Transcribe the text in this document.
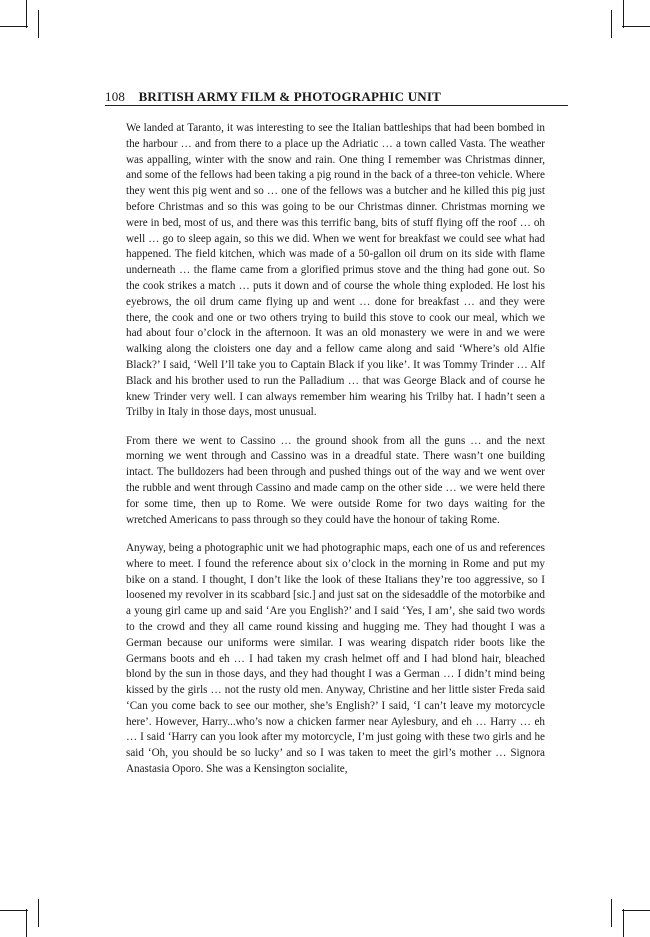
108 BRITISH ARMY FILM & PHOTOGRAPHIC UNIT

We landed at Taranto, it was interesting to see the Italian battleships that had been bombed in the harbour … and from there to a place up the Adriatic … a town called Vasta. The weather was appalling, winter with the snow and rain. One thing I remember was Christmas dinner, and some of the fellows had been taking a pig round in the back of a three-ton vehicle. Where they went this pig went and so … one of the fellows was a butcher and he killed this pig just before Christmas and so this was going to be our Christmas dinner. Christmas morning we were in bed, most of us, and there was this terrific bang, bits of stuff flying off the roof … oh well … go to sleep again, so this we did. When we went for breakfast we could see what had happened. The field kitchen, which was made of a 50-gallon oil drum on its side with flame underneath … the flame came from a glorified primus stove and the thing had gone out. So the cook strikes a match … puts it down and of course the whole thing exploded. He lost his eyebrows, the oil drum came flying up and went … done for breakfast … and they were there, the cook and one or two others trying to build this stove to cook our meal, which we had about four o’clock in the afternoon. It was an old monastery we were in and we were walking along the cloisters one day and a fellow came along and said ‘Where’s old Alfie Black?’ I said, ‘Well I’ll take you to Captain Black if you like’. It was Tommy Trinder … Alf Black and his brother used to run the Palladium … that was George Black and of course he knew Trinder very well. I can always remember him wearing his Trilby hat. I hadn’t seen a Trilby in Italy in those days, most unusual.

From there we went to Cassino … the ground shook from all the guns … and the next morning we went through and Cassino was in a dreadful state. There wasn’t one building intact. The bulldozers had been through and pushed things out of the way and we went over the rubble and went through Cassino and made camp on the other side … we were held there for some time, then up to Rome. We were outside Rome for two days waiting for the wretched Americans to pass through so they could have the honour of taking Rome.

Anyway, being a photographic unit we had photographic maps, each one of us and references where to meet. I found the reference about six o’clock in the morning in Rome and put my bike on a stand. I thought, I don’t like the look of these Italians they’re too aggressive, so I loosened my revolver in its scabbard [sic.] and just sat on the sidesaddle of the motorbike and a young girl came up and said ‘Are you English?’ and I said ‘Yes, I am’, she said two words to the crowd and they all came round kissing and hugging me. They had thought I was a German because our uniforms were similar. I was wearing dispatch rider boots like the Germans boots and eh … I had taken my crash helmet off and I had blond hair, bleached blond by the sun in those days, and they had thought I was a German … I didn’t mind being kissed by the girls … not the rusty old men. Anyway, Christine and her little sister Freda said ‘Can you come back to see our mother, she’s English?’ I said, ‘I can’t leave my motorcycle here’. However, Harry...who’s now a chicken farmer near Aylesbury, and eh … Harry … eh … I said ‘Harry can you look after my motorcycle, I’m just going with these two girls and he said ‘Oh, you should be so lucky’ and so I was taken to meet the girl’s mother … Signora Anastasia Oporo. She was a Kensington socialite,
